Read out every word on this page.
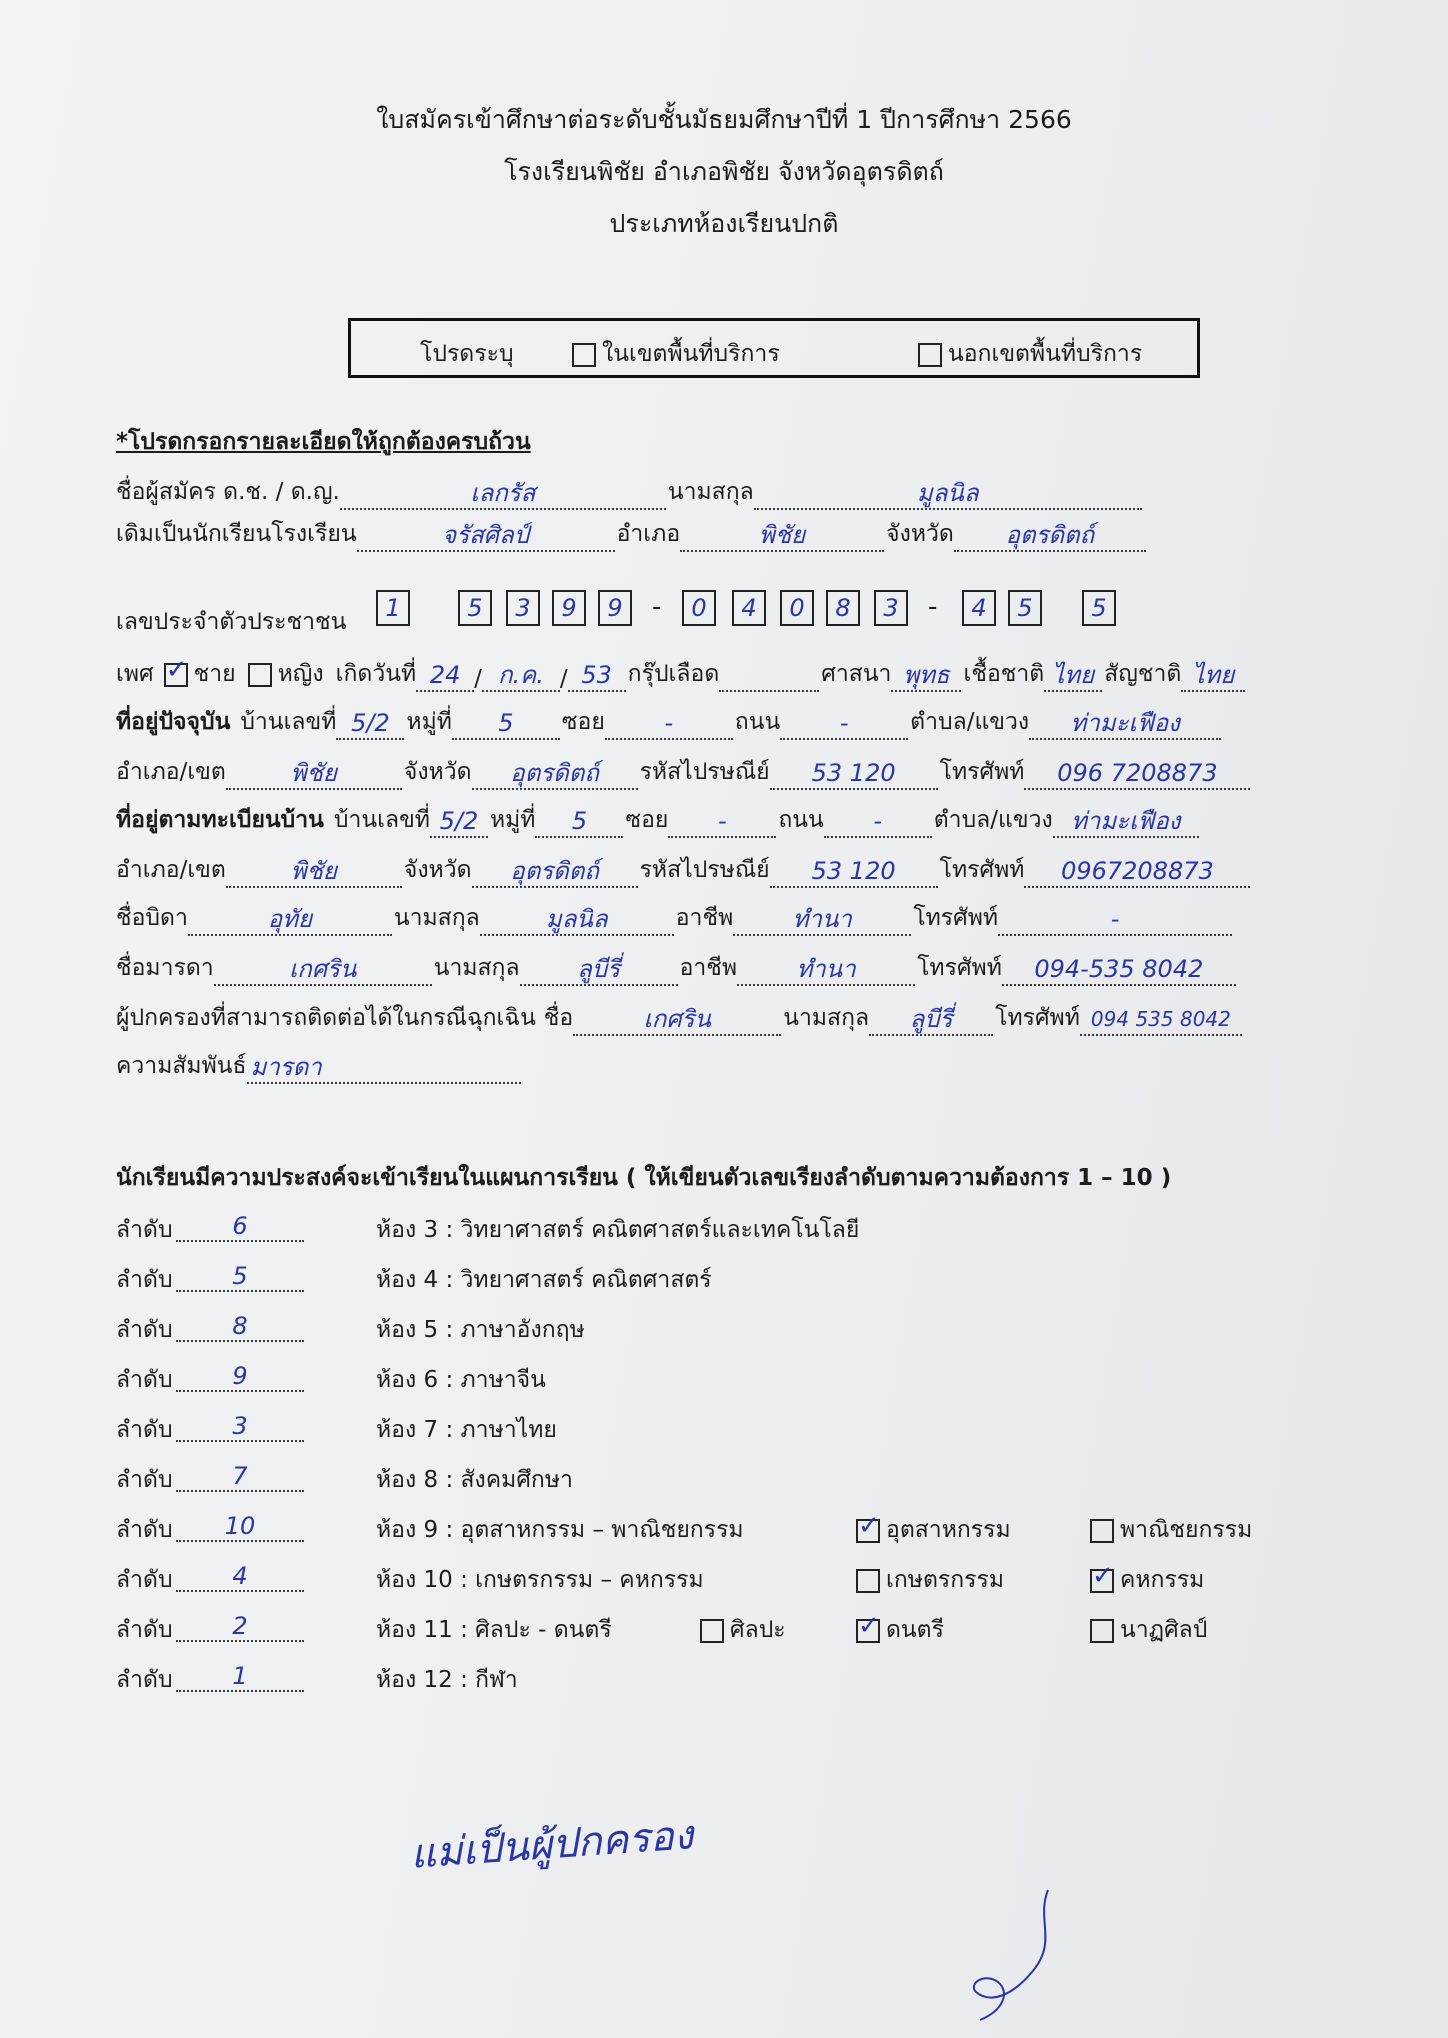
ใบสมัครเข้าศึกษาต่อระดับชั้นมัธยมศึกษาปีที่ 1 ปีการศึกษา 2566
โรงเรียนพิชัย อำเภอพิชัย จังหวัดอุตรดิตถ์
ประเภทห้องเรียนปกติ
โปรดระบุ	ในเขตพื้นที่บริการ	นอกเขตพื้นที่บริการ
*โปรดกรอกรายละเอียดให้ถูกต้องครบถ้วน
ชื่อผู้สมัคร ด.ช. / ด.ญ.	เลกรัส	นามสกุล	มูลนิล
เดิมเป็นนักเรียนโรงเรียน	จรัสศิลป์	อำเภอ	พิชัย	จังหวัด	อุตรดิตถ์
เลขประจำตัวประชาชน	1	5	3	9	9	-	0	4	0	8	3	-	4	5	5
เพศ ✓ ชาย	หญิง เกิดวันที่ 24 / ก.ค. / 53 กรุ๊ปเลือด	ศาสนา พุทธ เชื้อชาติ ไทย สัญชาติ ไทย
ที่อยู่ปัจจุบัน บ้านเลขที่ 5/2 หมู่ที่	5	ซอย	-	ถนน	-	ตำบล/แขวง	ท่ามะเฟือง
อำเภอ/เขต	พิชัย	จังหวัด	อุตรดิตถ์	รหัสไปรษณีย์	53 120	โทรศัพท์	096 7208873
ที่อยู่ตามทะเบียนบ้าน บ้านเลขที่ 5/2 หมู่ที่	5	ซอย	-	ถนน	-	ตำบล/แขวง ท่ามะเฟือง
อำเภอ/เขต	พิชัย	จังหวัด	อุตรดิตถ์	รหัสไปรษณีย์	53 120	โทรศัพท์	0967208873
ชื่อบิดา	อุทัย	นามสกุล	มูลนิล	อาชีพ	ทำนา	โทรศัพท์	-
ชื่อมารดา	เกศริน	นามสกุล	ลูบีรี่	อาชีพ	ทำนา	โทรศัพท์	094-535 8042
ผู้ปกครองที่สามารถติดต่อได้ในกรณีฉุกเฉิน ชื่อ	เกศริน	นามสกุล	ลูบีรี่	โทรศัพท์ 094 535 8042
ความสัมพันธ์ มารดา
นักเรียนมีความประสงค์จะเข้าเรียนในแผนการเรียน ( ให้เขียนตัวเลขเรียงลำดับตามความต้องการ 1 – 10 )
ลำดับ	6	ห้อง 3 : วิทยาศาสตร์ คณิตศาสตร์และเทคโนโลยี
ลำดับ	5	ห้อง 4 : วิทยาศาสตร์ คณิตศาสตร์
ลำดับ	8	ห้อง 5 : ภาษาอังกฤษ
ลำดับ	9	ห้อง 6 : ภาษาจีน
ลำดับ	3	ห้อง 7 : ภาษาไทย
ลำดับ	7	ห้อง 8 : สังคมศึกษา
ลำดับ	10	ห้อง 9 : อุตสาหกรรม – พาณิชยกรรม	✓ อุตสาหกรรม	พาณิชยกรรม
ลำดับ	4	ห้อง 10 : เกษตรกรรม – คหกรรม	เกษตรกรรม	✓ คหกรรม
ลำดับ	2	ห้อง 11 : ศิลปะ - ดนตรี	ศิลปะ	✓ ดนตรี	นาฏศิลป์
ลำดับ	1	ห้อง 12 : กีฬา
แม่เป็นผู้ปกครอง
